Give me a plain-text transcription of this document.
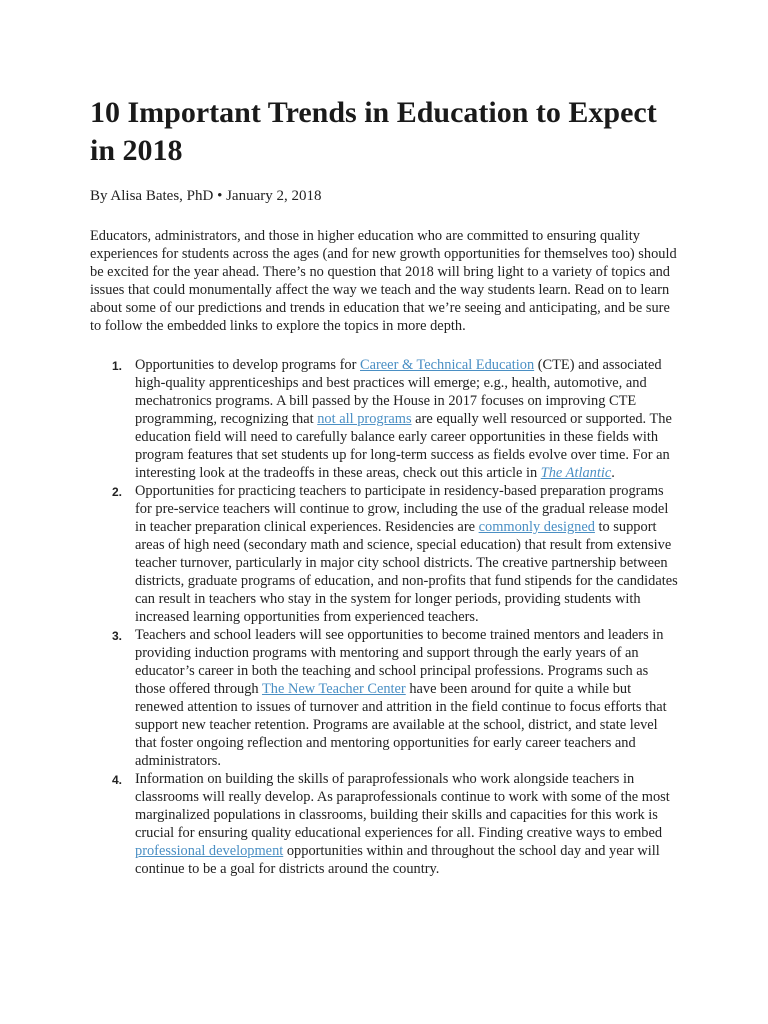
10 Important Trends in Education to Expect in 2018

By Alisa Bates, PhD • January 2, 2018

Educators, administrators, and those in higher education who are committed to ensuring quality experiences for students across the ages (and for new growth opportunities for themselves too) should be excited for the year ahead. There’s no question that 2018 will bring light to a variety of topics and issues that could monumentally affect the way we teach and the way students learn. Read on to learn about some of our predictions and trends in education that we’re seeing and anticipating, and be sure to follow the embedded links to explore the topics in more depth.

1. Opportunities to develop programs for Career & Technical Education (CTE) and associated high-quality apprenticeships and best practices will emerge; e.g., health, automotive, and mechatronics programs. A bill passed by the House in 2017 focuses on improving CTE programming, recognizing that not all programs are equally well resourced or supported. The education field will need to carefully balance early career opportunities in these fields with program features that set students up for long-term success as fields evolve over time. For an interesting look at the tradeoffs in these areas, check out this article in The Atlantic.
2. Opportunities for practicing teachers to participate in residency-based preparation programs for pre-service teachers will continue to grow, including the use of the gradual release model in teacher preparation clinical experiences. Residencies are commonly designed to support areas of high need (secondary math and science, special education) that result from extensive teacher turnover, particularly in major city school districts. The creative partnership between districts, graduate programs of education, and non-profits that fund stipends for the candidates can result in teachers who stay in the system for longer periods, providing students with increased learning opportunities from experienced teachers.
3. Teachers and school leaders will see opportunities to become trained mentors and leaders in providing induction programs with mentoring and support through the early years of an educator’s career in both the teaching and school principal professions. Programs such as those offered through The New Teacher Center have been around for quite a while but renewed attention to issues of turnover and attrition in the field continue to focus efforts that support new teacher retention. Programs are available at the school, district, and state level that foster ongoing reflection and mentoring opportunities for early career teachers and administrators.
4. Information on building the skills of paraprofessionals who work alongside teachers in classrooms will really develop. As paraprofessionals continue to work with some of the most marginalized populations in classrooms, building their skills and capacities for this work is crucial for ensuring quality educational experiences for all. Finding creative ways to embed professional development opportunities within and throughout the school day and year will continue to be a goal for districts around the country.
